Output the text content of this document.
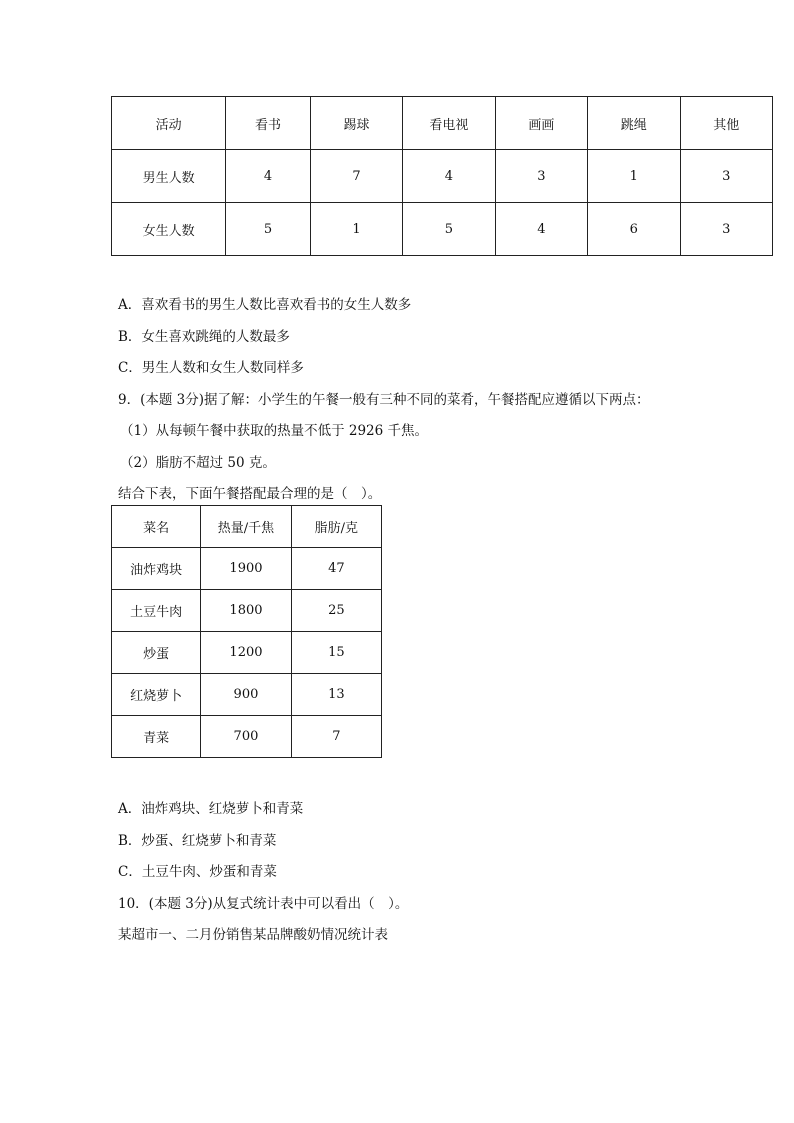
活动	看书	踢球	看电视	画画	跳绳	其他
男生人数	4	7	4	3	1	3
女生人数	5	1	5	4	6	3
A．喜欢看书的男生人数比喜欢看书的女生人数多
B．女生喜欢跳绳的人数最多
C．男生人数和女生人数同样多
9．(本题 3分)据了解：小学生的午餐一般有三种不同的菜肴，午餐搭配应遵循以下两点：
（1）从每顿午餐中获取的热量不低于 2926 千焦。
（2）脂肪不超过 50 克。
结合下表，下面午餐搭配最合理的是（　）。
菜名	热量/千焦	脂肪/克
油炸鸡块	1900	47
土豆牛肉	1800	25
炒蛋	1200	15
红烧萝卜	900	13
青菜	700	7
A．油炸鸡块、红烧萝卜和青菜
B．炒蛋、红烧萝卜和青菜
C．土豆牛肉、炒蛋和青菜
10．(本题 3分)从复式统计表中可以看出（　）。
某超市一、二月份销售某品牌酸奶情况统计表
